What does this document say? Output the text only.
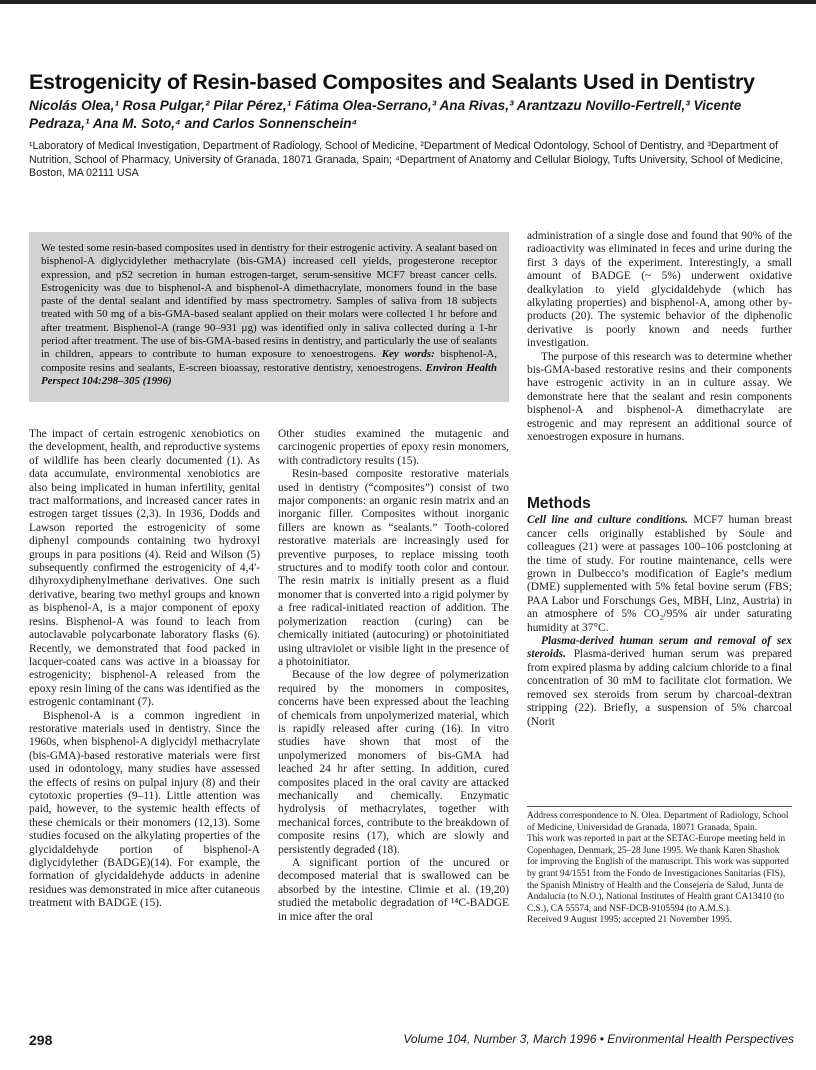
Estrogenicity of Resin-based Composites and Sealants Used in Dentistry

Nicolás Olea,¹ Rosa Pulgar,² Pilar Pérez,¹ Fátima Olea-Serrano,³ Ana Rivas,³ Arantzazu Novillo-Fertrell,³ Vicente Pedraza,¹ Ana M. Soto,⁴ and Carlos Sonnenschein⁴

¹Laboratory of Medical Investigation, Department of Radiology, School of Medicine, ²Department of Medical Odontology, School of Dentistry, and ³Department of Nutrition, School of Pharmacy, University of Granada, 18071 Granada, Spain; ⁴Department of Anatomy and Cellular Biology, Tufts University, School of Medicine, Boston, MA 02111 USA

We tested some resin-based composites used in dentistry for their estrogenic activity. A sealant based on bisphenol-A diglycidylether methacrylate (bis-GMA) increased cell yields, progesterone receptor expression, and pS2 secretion in human estrogen-target, serum-sensitive MCF7 breast cancer cells. Estrogenicity was due to bisphenol-A and bisphenol-A dimethacrylate, monomers found in the base paste of the dental sealant and identified by mass spectrometry. Samples of saliva from 18 subjects treated with 50 mg of a bis-GMA-based sealant applied on their molars were collected 1 hr before and after treatment. Bisphenol-A (range 90–931 µg) was identified only in saliva collected during a 1-hr period after treatment. The use of bis-GMA-based resins in dentistry, and particularly the use of sealants in children, appears to contribute to human exposure to xenoestrogens. Key words: bisphenol-A, composite resins and sealants, E-screen bioassay, restorative dentistry, xenoestrogens. Environ Health Perspect 104:298–305 (1996)

The impact of certain estrogenic xenobiotics on the development, health, and reproductive systems of wildlife has been clearly documented (1). As data accumulate, environmental xenobiotics are also being implicated in human infertility, genital tract malformations, and increased cancer rates in estrogen target tissues (2,3). In 1936, Dodds and Lawson reported the estrogenicity of some diphenyl compounds containing two hydroxyl groups in para positions (4). Reid and Wilson (5) subsequently confirmed the estrogenicity of 4,4'-dihyroxydiphenylmethane derivatives. One such derivative, bearing two methyl groups and known as bisphenol-A, is a major component of epoxy resins. Bisphenol-A was found to leach from autoclavable polycarbonate laboratory flasks (6). Recently, we demonstrated that food packed in lacquer-coated cans was active in a bioassay for estrogenicity; bisphenol-A released from the epoxy resin lining of the cans was identified as the estrogenic contaminant (7).

Bisphenol-A is a common ingredient in restorative materials used in dentistry. Since the 1960s, when bisphenol-A diglycidyl methacrylate (bis-GMA)-based restorative materials were first used in odontology, many studies have assessed the effects of resins on pulpal injury (8) and their cytotoxic properties (9–11). Little attention was paid, however, to the systemic health effects of these chemicals or their monomers (12,13). Some studies focused on the alkylating properties of the glycidaldehyde portion of bisphenol-A diglycidylether (BADGE)(14). For example, the formation of glycidaldehyde adducts in adenine residues was demonstrated in mice after cutaneous treatment with BADGE (15).

Other studies examined the mutagenic and carcinogenic properties of epoxy resin monomers, with contradictory results (15).

Resin-based composite restorative materials used in dentistry (“composites”) consist of two major components: an organic resin matrix and an inorganic filler. Composites without inorganic fillers are known as “sealants.” Tooth-colored restorative materials are increasingly used for preventive purposes, to replace missing tooth structures and to modify tooth color and contour. The resin matrix is initially present as a fluid monomer that is converted into a rigid polymer by a free radical-initiated reaction of addition. The polymerization reaction (curing) can be chemically initiated (autocuring) or photoinitiated using ultraviolet or visible light in the presence of a photoinitiator.

Because of the low degree of polymerization required by the monomers in composites, concerns have been expressed about the leaching of chemicals from unpolymerized material, which is rapidly released after curing (16). In vitro studies have shown that most of the unpolymerized monomers of bis-GMA had leached 24 hr after setting. In addition, cured composites placed in the oral cavity are attacked mechanically and chemically. Enzymatic hydrolysis of methacrylates, together with mechanical forces, contribute to the breakdown of composite resins (17), which are slowly and persistently degraded (18).

A significant portion of the uncured or decomposed material that is swallowed can be absorbed by the intestine. Climie et al. (19,20) studied the metabolic degradation of ¹⁴C-BADGE in mice after the oral

administration of a single dose and found that 90% of the radioactivity was eliminated in feces and urine during the first 3 days of the experiment. Interestingly, a small amount of BADGE (~ 5%) underwent oxidative dealkylation to yield glycidaldehyde (which has alkylating properties) and bisphenol-A, among other by-products (20). The systemic behavior of the diphenolic derivative is poorly known and needs further investigation.

The purpose of this research was to determine whether bis-GMA-based restorative resins and their components have estrogenic activity in an in culture assay. We demonstrate here that the sealant and resin components bisphenol-A and bisphenol-A dimethacrylate are estrogenic and may represent an additional source of xenoestrogen exposure in humans.

Methods

Cell line and culture conditions. MCF7 human breast cancer cells originally established by Soule and colleagues (21) were at passages 100–106 postcloning at the time of study. For routine maintenance, cells were grown in Dulbecco’s modification of Eagle’s medium (DME) supplemented with 5% fetal bovine serum (FBS; PAA Labor und Forschungs Ges, MBH, Linz, Austria) in an atmosphere of 5% CO₂/95% air under saturating humidity at 37°C.

Plasma-derived human serum and removal of sex steroids. Plasma-derived human serum was prepared from expired plasma by adding calcium chloride to a final concentration of 30 mM to facilitate clot formation. We removed sex steroids from serum by charcoal-dextran stripping (22). Briefly, a suspension of 5% charcoal (Norit

Address correspondence to N. Olea. Department of Radiology, School of Medicine, Universidad de Granada, 18071 Granada, Spain.

This work was reported in part at the SETAC-Europe meeting held in Copenhagen, Denmark, 25–28 June 1995. We thank Karen Shashok for improving the English of the manuscript. This work was supported by grant 94/1551 from the Fondo de Investigaciones Sanitarias (FIS), the Spanish Ministry of Health and the Consejería de Salud, Junta de Andalucía (to N.O.), National Institutes of Health grant CA13410 (to C.S.), CA 55574, and NSF-DCB-9105594 (to A.M.S.).

Received 9 August 1995; accepted 21 November 1995.

298	Volume 104, Number 3, March 1996 • Environmental Health Perspectives
